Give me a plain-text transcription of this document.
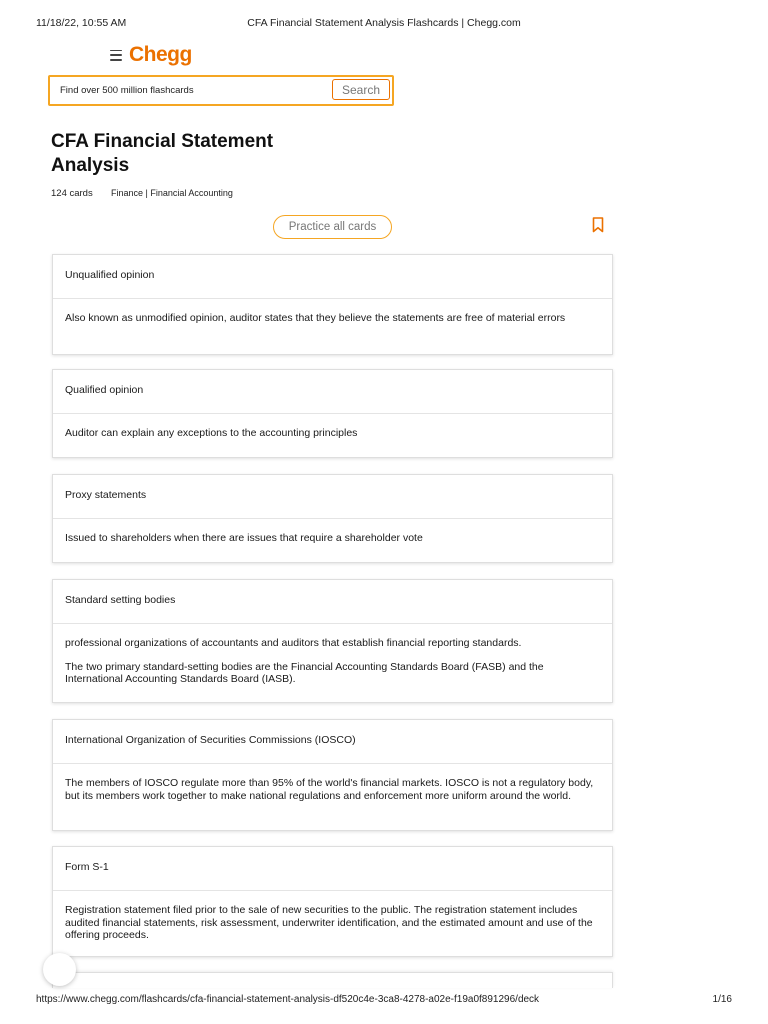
11/18/22, 10:55 AM	CFA Financial Statement Analysis Flashcards | Chegg.com
Chegg
Find over 500 million flashcards
Search
CFA Financial Statement Analysis
124 cards Finance | Financial Accounting
Practice all cards
Unqualified opinion

Also known as unmodified opinion, auditor states that they believe the statements are free of material errors

Qualified opinion

Auditor can explain any exceptions to the accounting principles

Proxy statements

Issued to shareholders when there are issues that require a shareholder vote

Standard setting bodies

professional organizations of accountants and auditors that establish financial reporting standards.

The two primary standard-setting bodies are the Financial Accounting Standards Board (FASB) and the International Accounting Standards Board (IASB).

International Organization of Securities Commissions (IOSCO)

The members of IOSCO regulate more than 95% of the world's financial markets. IOSCO is not a regulatory body, but its members work together to make national regulations and enforcement more uniform around the world.

Form S-1

Registration statement filed prior to the sale of new securities to the public. The registration statement includes audited financial statements, risk assessment, underwriter identification, and the estimated amount and use of the offering proceeds.

https://www.chegg.com/flashcards/cfa-financial-statement-analysis-df520c4e-3ca8-4278-a02e-f19a0f891296/deck	1/16
